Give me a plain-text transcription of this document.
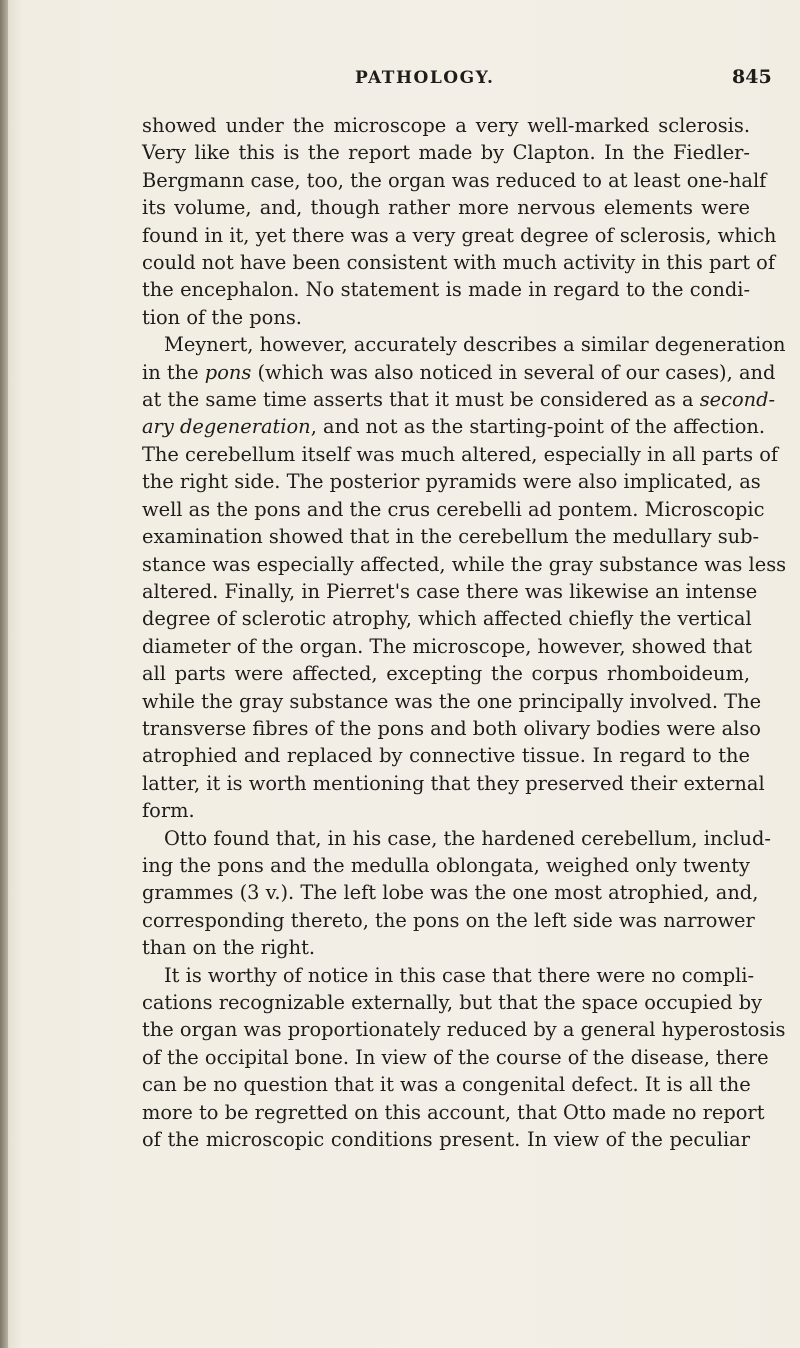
PATHOLOGY.	845
showed under the microscope a very well-marked sclerosis.
Very like this is the report made by Clapton. In the Fiedler-
Bergmann case, too, the organ was reduced to at least one-half
its volume, and, though rather more nervous elements were
found in it, yet there was a very great degree of sclerosis, which
could not have been consistent with much activity in this part of
the encephalon. No statement is made in regard to the condi-
tion of the pons.
Meynert, however, accurately describes a similar degeneration
in the pons (which was also noticed in several of our cases), and
at the same time asserts that it must be considered as a second-
ary degeneration, and not as the starting-point of the affection.
The cerebellum itself was much altered, especially in all parts of
the right side. The posterior pyramids were also implicated, as
well as the pons and the crus cerebelli ad pontem. Microscopic
examination showed that in the cerebellum the medullary sub-
stance was especially affected, while the gray substance was less
altered. Finally, in Pierret's case there was likewise an intense
degree of sclerotic atrophy, which affected chiefly the vertical
diameter of the organ. The microscope, however, showed that
all parts were affected, excepting the corpus rhomboideum,
while the gray substance was the one principally involved. The
transverse fibres of the pons and both olivary bodies were also
atrophied and replaced by connective tissue. In regard to the
latter, it is worth mentioning that they preserved their external
form.
Otto found that, in his case, the hardened cerebellum, includ-
ing the pons and the medulla oblongata, weighed only twenty
grammes (3 v.). The left lobe was the one most atrophied, and,
corresponding thereto, the pons on the left side was narrower
than on the right.
It is worthy of notice in this case that there were no compli-
cations recognizable externally, but that the space occupied by
the organ was proportionately reduced by a general hyperostosis
of the occipital bone. In view of the course of the disease, there
can be no question that it was a congenital defect. It is all the
more to be regretted on this account, that Otto made no report
of the microscopic conditions present. In view of the peculiar
